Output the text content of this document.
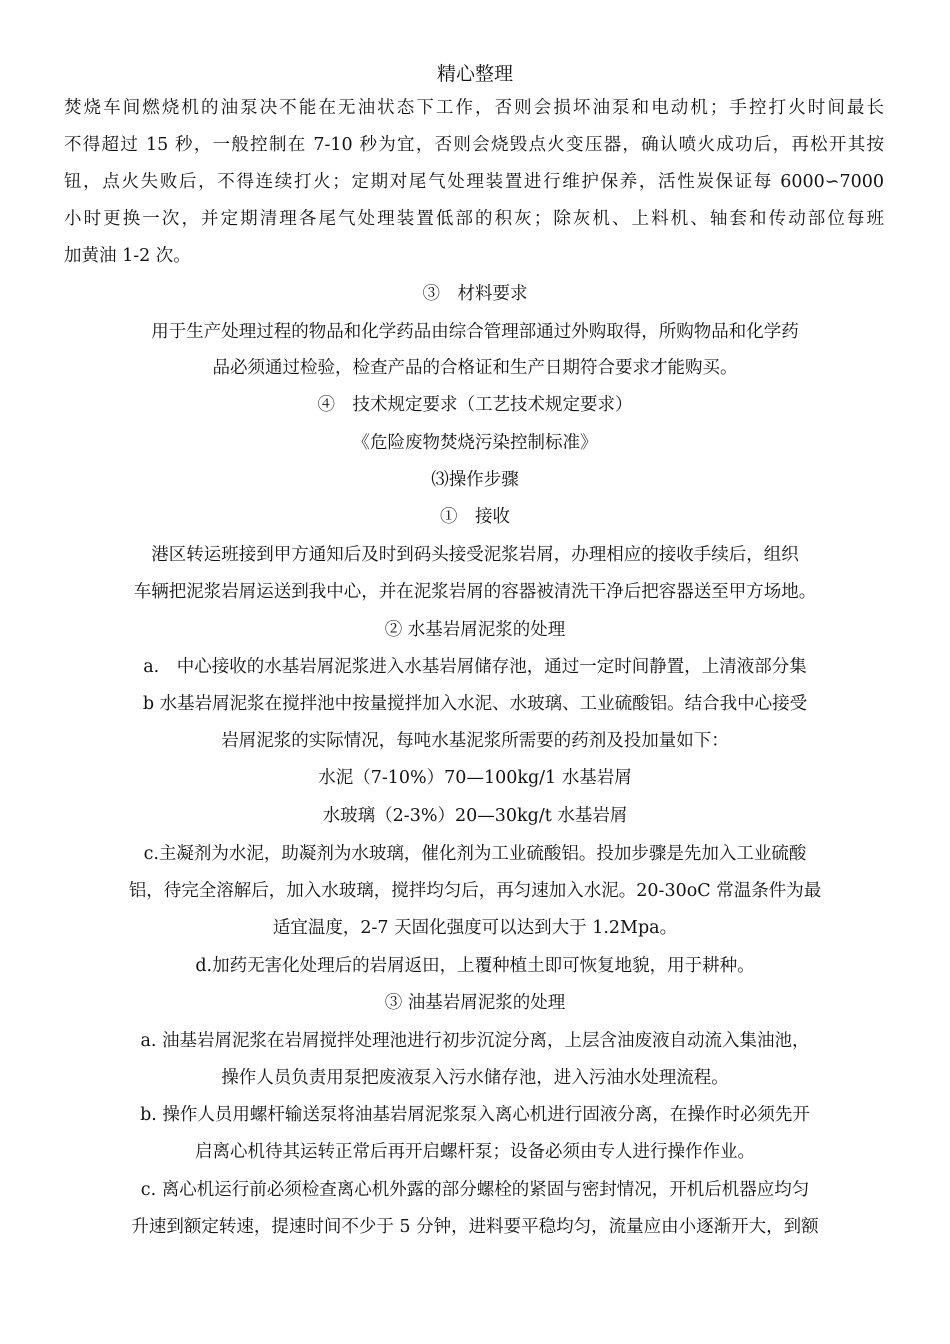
精心整理
焚烧车间燃烧机的油泵决不能在无油状态下工作，否则会损坏油泵和电动机；手控打火时间最长
不得超过 15 秒，一般控制在 7-10 秒为宜，否则会烧毁点火变压器，确认喷火成功后，再松开其按
钮，点火失败后，不得连续打火；定期对尾气处理装置进行维护保养，活性炭保证每 6000∽7000
小时更换一次，并定期清理各尾气处理装置低部的积灰；除灰机、上料机、轴套和传动部位每班
加黄油 1-2 次。
③　材料要求
用于生产处理过程的物品和化学药品由综合管理部通过外购取得，所购物品和化学药
品必须通过检验，检查产品的合格证和生产日期符合要求才能购买。
④　技术规定要求（工艺技术规定要求）
《危险废物焚烧污染控制标准》
⑶操作步骤
①　接收
港区转运班接到甲方通知后及时到码头接受泥浆岩屑，办理相应的接收手续后，组织
车辆把泥浆岩屑运送到我中心，并在泥浆岩屑的容器被清洗干净后把容器送至甲方场地。
② 水基岩屑泥浆的处理
a.　中心接收的水基岩屑泥浆进入水基岩屑储存池，通过一定时间静置，上清液部分集
b 水基岩屑泥浆在搅拌池中按量搅拌加入水泥、水玻璃、工业硫酸铝。结合我中心接受
岩屑泥浆的实际情况，每吨水基泥浆所需要的药剂及投加量如下：
水泥（7-10%）70—100kg/1 水基岩屑
水玻璃（2-3%）20—30kg/t 水基岩屑
c.主凝剂为水泥，助凝剂为水玻璃，催化剂为工业硫酸铝。投加步骤是先加入工业硫酸
铝，待完全溶解后，加入水玻璃，搅拌均匀后，再匀速加入水泥。20-30oC 常温条件为最
适宜温度，2-7 天固化强度可以达到大于 1.2Mpa。
d.加药无害化处理后的岩屑返田，上覆种植土即可恢复地貌，用于耕种。
③ 油基岩屑泥浆的处理
a. 油基岩屑泥浆在岩屑搅拌处理池进行初步沉淀分离，上层含油废液自动流入集油池，
操作人员负责用泵把废液泵入污水储存池，进入污油水处理流程。
b. 操作人员用螺杆输送泵将油基岩屑泥浆泵入离心机进行固液分离，在操作时必须先开
启离心机待其运转正常后再开启螺杆泵；设备必须由专人进行操作作业。
c. 离心机运行前必须检查离心机外露的部分螺栓的紧固与密封情况，开机后机器应均匀
升速到额定转速，提速时间不少于 5 分钟，进料要平稳均匀，流量应由小逐渐开大，到额
